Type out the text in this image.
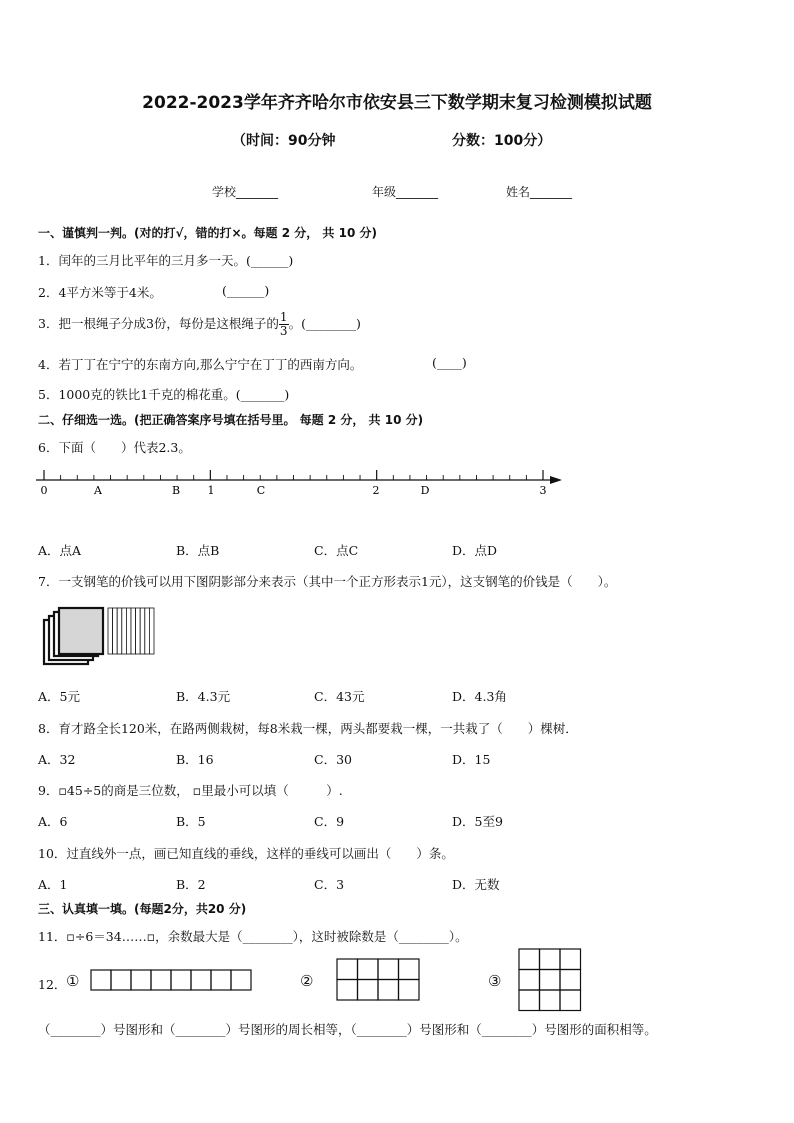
2022-2023学年齐齐哈尔市依安县三下数学期末复习检测模拟试题
（时间：90分钟	分数：100分）
学校_______	年级_______	姓名_______
一、谨慎判一判。(对的打√，错的打×。每题 2 分， 共 10 分)
1．闰年的三月比平年的三月多一天。(______)
2．4平方米等于4米。	(______)
3．把一根绳子分成3份，每份是这根绳子的 $\frac{1}{3}$ 。(________)
4．若丁丁在宁宁的东南方向,那么宁宁在丁丁的西南方向。	(____)
5．1000克的铁比1千克的棉花重。(_______)
二、仔细选一选。(把正确答案序号填在括号里。 每题 2 分， 共 10 分)
6．下面（　　）代表2.3。
0	A	B 1	C	2	D	3
A．点A	B．点B	C．点C	D．点D
7．一支钢笔的价钱可以用下图阴影部分来表示（其中一个正方形表示1元），这支钢笔的价钱是（　　）。
A．5元	B．4.3元	C．43元	D．4.3角
8．育才路全长120米，在路两侧栽树，每8米栽一棵，两头都要栽一棵，一共栽了（　　）棵树．
A．32	B．16	C．30	D．15
9．▫45÷5的商是三位数， ▫里最小可以填（　　　）.
A．6	B．5	C．9	D．5至9
10．过直线外一点，画已知直线的垂线，这样的垂线可以画出（　　）条。
A．1	B．2	C．3	D．无数
三、认真填一填。(每题2分，共20 分)
11．▫÷6＝34……▫，余数最大是（________），这时被除数是（________）。
12． ①	②	③
（________）号图形和（________）号图形的周长相等，（________）号图形和（________）号图形的面积相等。
